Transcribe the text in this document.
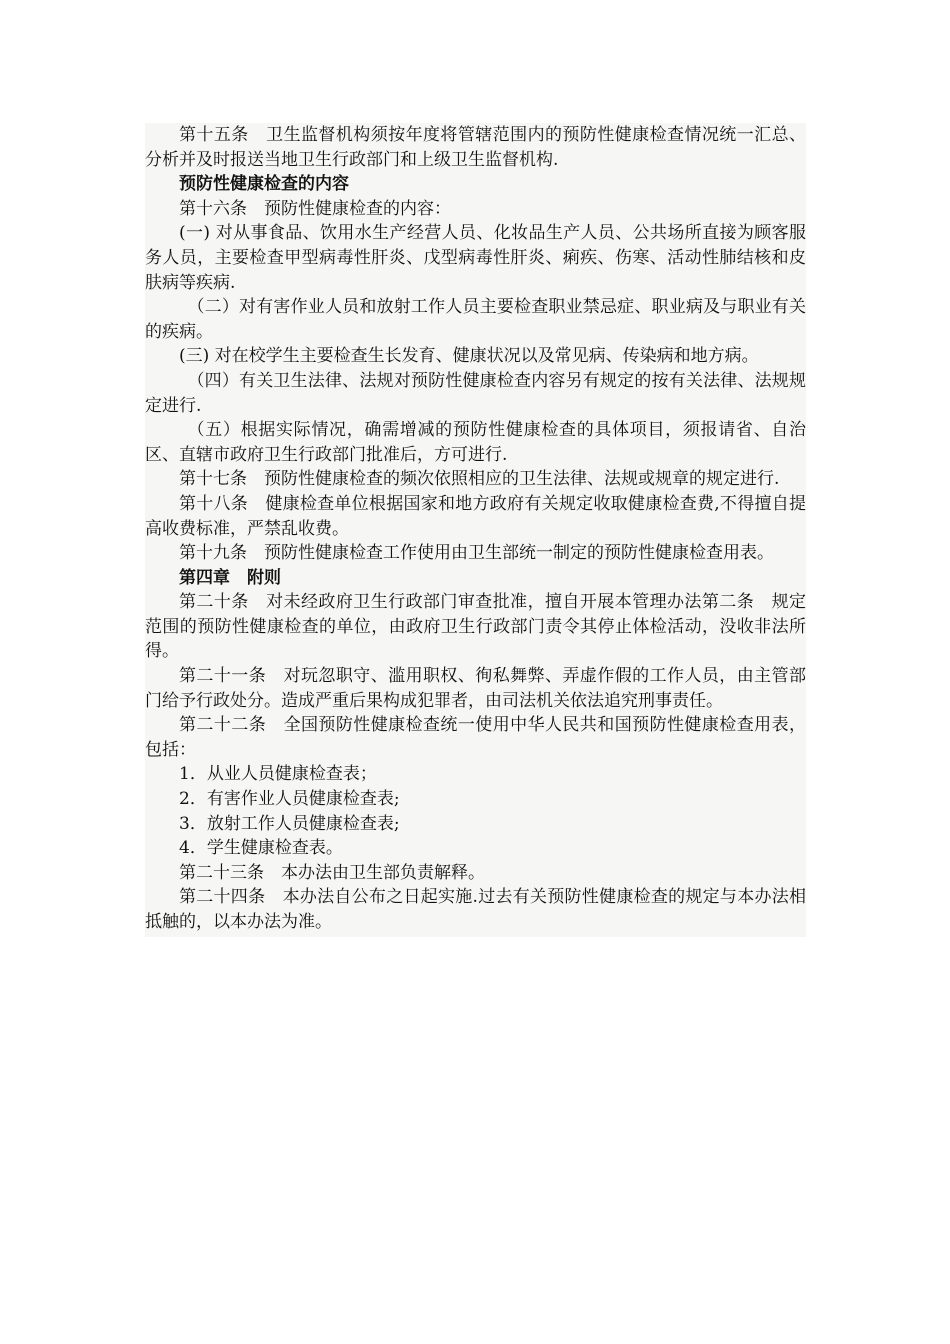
第十五条　卫生监督机构须按年度将管辖范围内的预防性健康检查情况统一汇总、分析并及时报送当地卫生行政部门和上级卫生监督机构.

预防性健康检查的内容

第十六条　预防性健康检查的内容：

(一) 对从事食品、饮用水生产经营人员、化妆品生产人员、公共场所直接为顾客服务人员，主要检查甲型病毒性肝炎、戊型病毒性肝炎、痢疾、伤寒、活动性肺结核和皮肤病等疾病.

（二）对有害作业人员和放射工作人员主要检查职业禁忌症、职业病及与职业有关的疾病。

(三) 对在校学生主要检查生长发育、健康状况以及常见病、传染病和地方病。

（四）有关卫生法律、法规对预防性健康检查内容另有规定的按有关法律、法规规定进行.

（五）根据实际情况，确需增减的预防性健康检查的具体项目，须报请省、自治区、直辖市政府卫生行政部门批准后，方可进行.

第十七条　预防性健康检查的频次依照相应的卫生法律、法规或规章的规定进行.

第十八条　健康检查单位根据国家和地方政府有关规定收取健康检查费,不得擅自提高收费标准，严禁乱收费。

第十九条　预防性健康检查工作使用由卫生部统一制定的预防性健康检查用表。

第四章　附则

第二十条　对未经政府卫生行政部门审查批准，擅自开展本管理办法第二条　规定范围的预防性健康检查的单位，由政府卫生行政部门责令其停止体检活动，没收非法所得。

第二十一条　对玩忽职守、滥用职权、徇私舞弊、弄虚作假的工作人员，由主管部门给予行政处分。造成严重后果构成犯罪者，由司法机关依法追究刑事责任。

第二十二条　全国预防性健康检查统一使用中华人民共和国预防性健康检查用表，包括：

1．从业人员健康检查表；

2．有害作业人员健康检查表;

3．放射工作人员健康检查表;

4．学生健康检查表。

第二十三条　本办法由卫生部负责解释。

第二十四条　本办法自公布之日起实施.过去有关预防性健康检查的规定与本办法相抵触的，以本办法为准。
